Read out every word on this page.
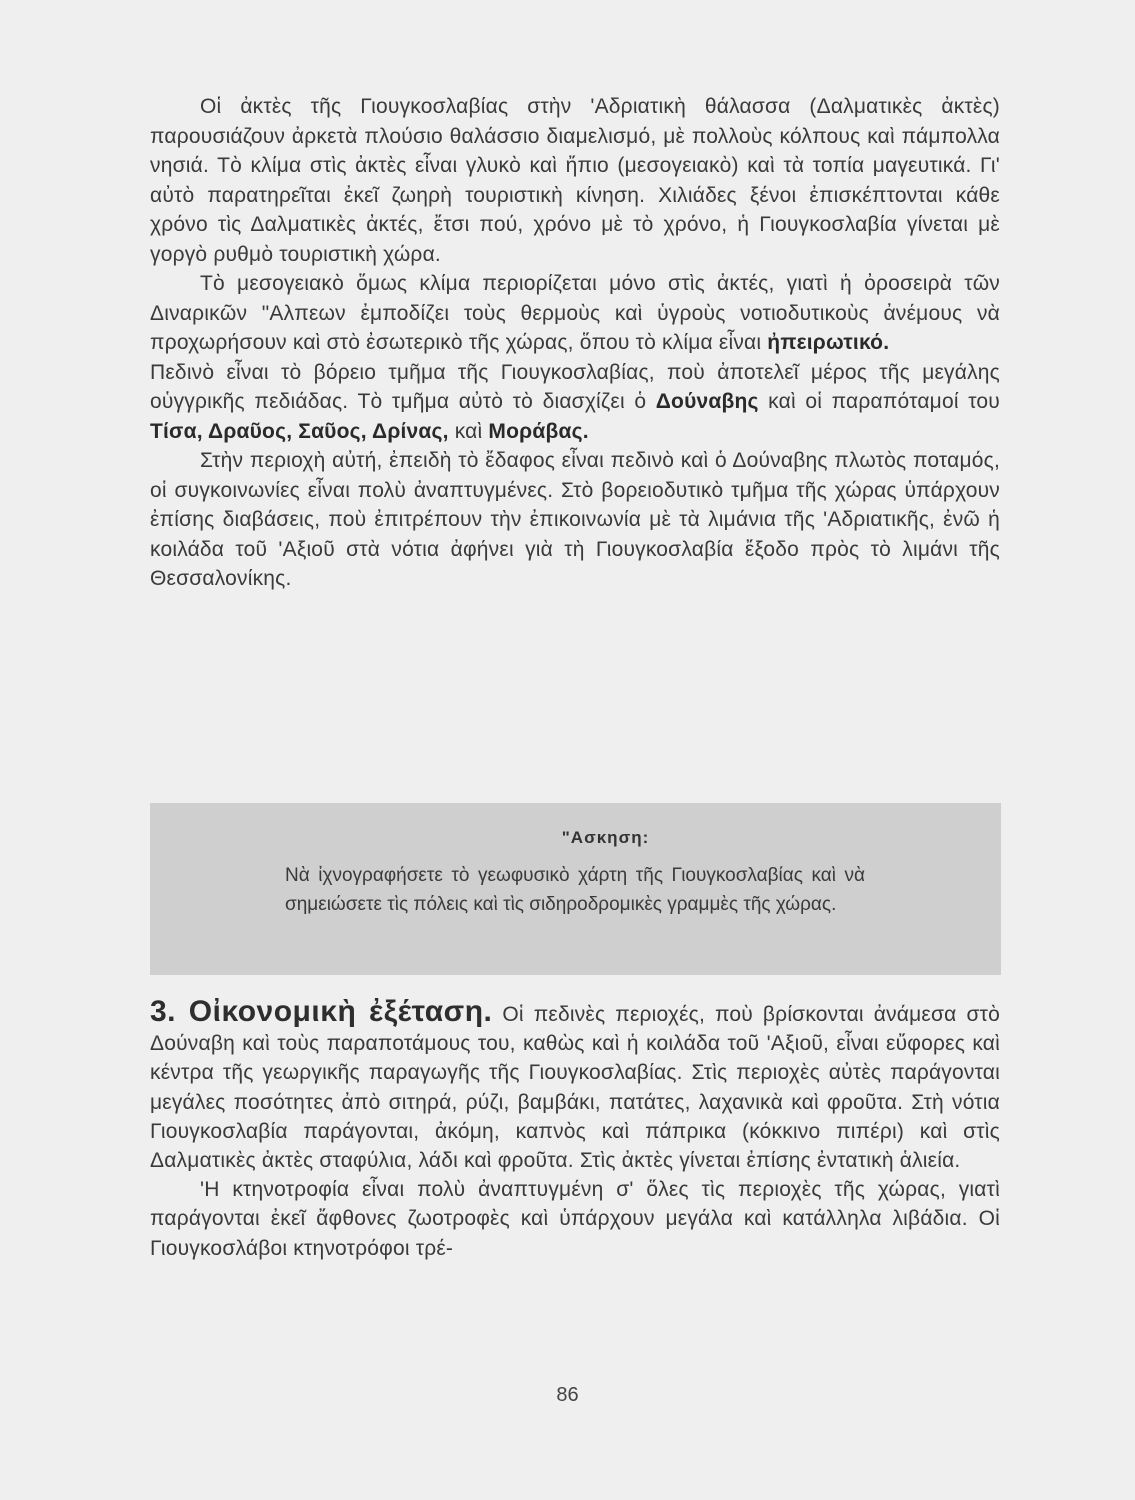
Οἱ ἀκτὲς τῆς Γιουγκοσλαβίας στὴν 'Αδριατικὴ θάλασσα (Δαλματικὲς ἀκτὲς) παρουσιάζουν ἀρκετὰ πλούσιο θαλάσσιο διαμελισμό, μὲ πολλοὺς κόλπους καὶ πάμπολλα νησιά. Τὸ κλίμα στὶς ἀκτὲς εἶναι γλυκὸ καὶ ἤπιο (μεσογειακὸ) καὶ τὰ τοπία μαγευτικά. Γι' αὐτὸ παρατηρεῖται ἐκεῖ ζωηρὴ τουριστικὴ κίνηση. Χιλιάδες ξένοι ἐπισκέπτονται κάθε χρόνο τὶς Δαλματικὲς ἀκτές, ἔτσι πού, χρόνο μὲ τὸ χρόνο, ἡ Γιουγκοσλαβία γίνεται μὲ γοργὸ ρυθμὸ τουριστικὴ χώρα.

Τὸ μεσογειακὸ ὅμως κλίμα περιορίζεται μόνο στὶς ἀκτές, γιατὶ ἡ ὀροσειρὰ τῶν Διναρικῶν "Αλπεων ἐμποδίζει τοὺς θερμοὺς καὶ ὑγροὺς νοτιοδυτικοὺς ἀνέμους νὰ προχωρήσουν καὶ στὸ ἐσωτερικὸ τῆς χώρας, ὅπου τὸ κλίμα εἶναι ἠπειρωτικό.

Πεδινὸ εἶναι τὸ βόρειο τμῆμα τῆς Γιουγκοσλαβίας, ποὺ ἀποτελεῖ μέρος τῆς μεγάλης οὑγγρικῆς πεδιάδας. Τὸ τμῆμα αὐτὸ τὸ διασχίζει ὁ Δούναβης καὶ οἱ παραπόταμοί του Τίσα, Δραῦος, Σαῦος, Δρίνας, καὶ Μοράβας.

Στὴν περιοχὴ αὐτή, ἐπειδὴ τὸ ἔδαφος εἶναι πεδινὸ καὶ ὁ Δούναβης πλωτὸς ποταμός, οἱ συγκοινωνίες εἶναι πολὺ ἀναπτυγμένες. Στὸ βορειοδυτικὸ τμῆμα τῆς χώρας ὑπάρχουν ἐπίσης διαβάσεις, ποὺ ἐπιτρέπουν τὴν ἐπικοινωνία μὲ τὰ λιμάνια τῆς 'Αδριατικῆς, ἐνῶ ἡ κοιλάδα τοῦ 'Αξιοῦ στὰ νότια ἀφήνει γιὰ τὴ Γιουγκοσλαβία ἔξοδο πρὸς τὸ λιμάνι τῆς Θεσσαλονίκης.

"Ασκηση:
Νὰ ἰχνογραφήσετε τὸ γεωφυσικὸ χάρτη τῆς Γιουγκοσλαβίας καὶ νὰ σημειώσετε τὶς πόλεις καὶ τὶς σιδηροδρομικὲς γραμμὲς τῆς χώρας.

3. Οἰκονομικὴ ἐξέταση. Οἱ πεδινὲς περιοχές, ποὺ βρίσκονται ἀνάμεσα στὸ Δούναβη καὶ τοὺς παραποτάμους του, καθὼς καὶ ἡ κοιλάδα τοῦ 'Αξιοῦ, εἶναι εὔφορες καὶ κέντρα τῆς γεωργικῆς παραγωγῆς τῆς Γιουγκοσλαβίας. Στὶς περιοχὲς αὐτὲς παράγονται μεγάλες ποσότητες ἀπὸ σιτηρά, ρύζι, βαμβάκι, πατάτες, λαχανικὰ καὶ φροῦτα. Στὴ νότια Γιουγκοσλαβία παράγονται, ἀκόμη, καπνὸς καὶ πάπρικα (κόκκινο πιπέρι) καὶ στὶς Δαλματικὲς ἀκτὲς σταφύλια, λάδι καὶ φροῦτα. Στὶς ἀκτὲς γίνεται ἐπίσης ἐντατικὴ ἁλιεία.

'Η κτηνοτροφία εἶναι πολὺ ἀναπτυγμένη σ' ὅλες τὶς περιοχὲς τῆς χώρας, γιατὶ παράγονται ἐκεῖ ἄφθονες ζωοτροφὲς καὶ ὑπάρχουν μεγάλα καὶ κατάλληλα λιβάδια. Οἱ Γιουγκοσλάβοι κτηνοτρόφοι τρέ-

86
